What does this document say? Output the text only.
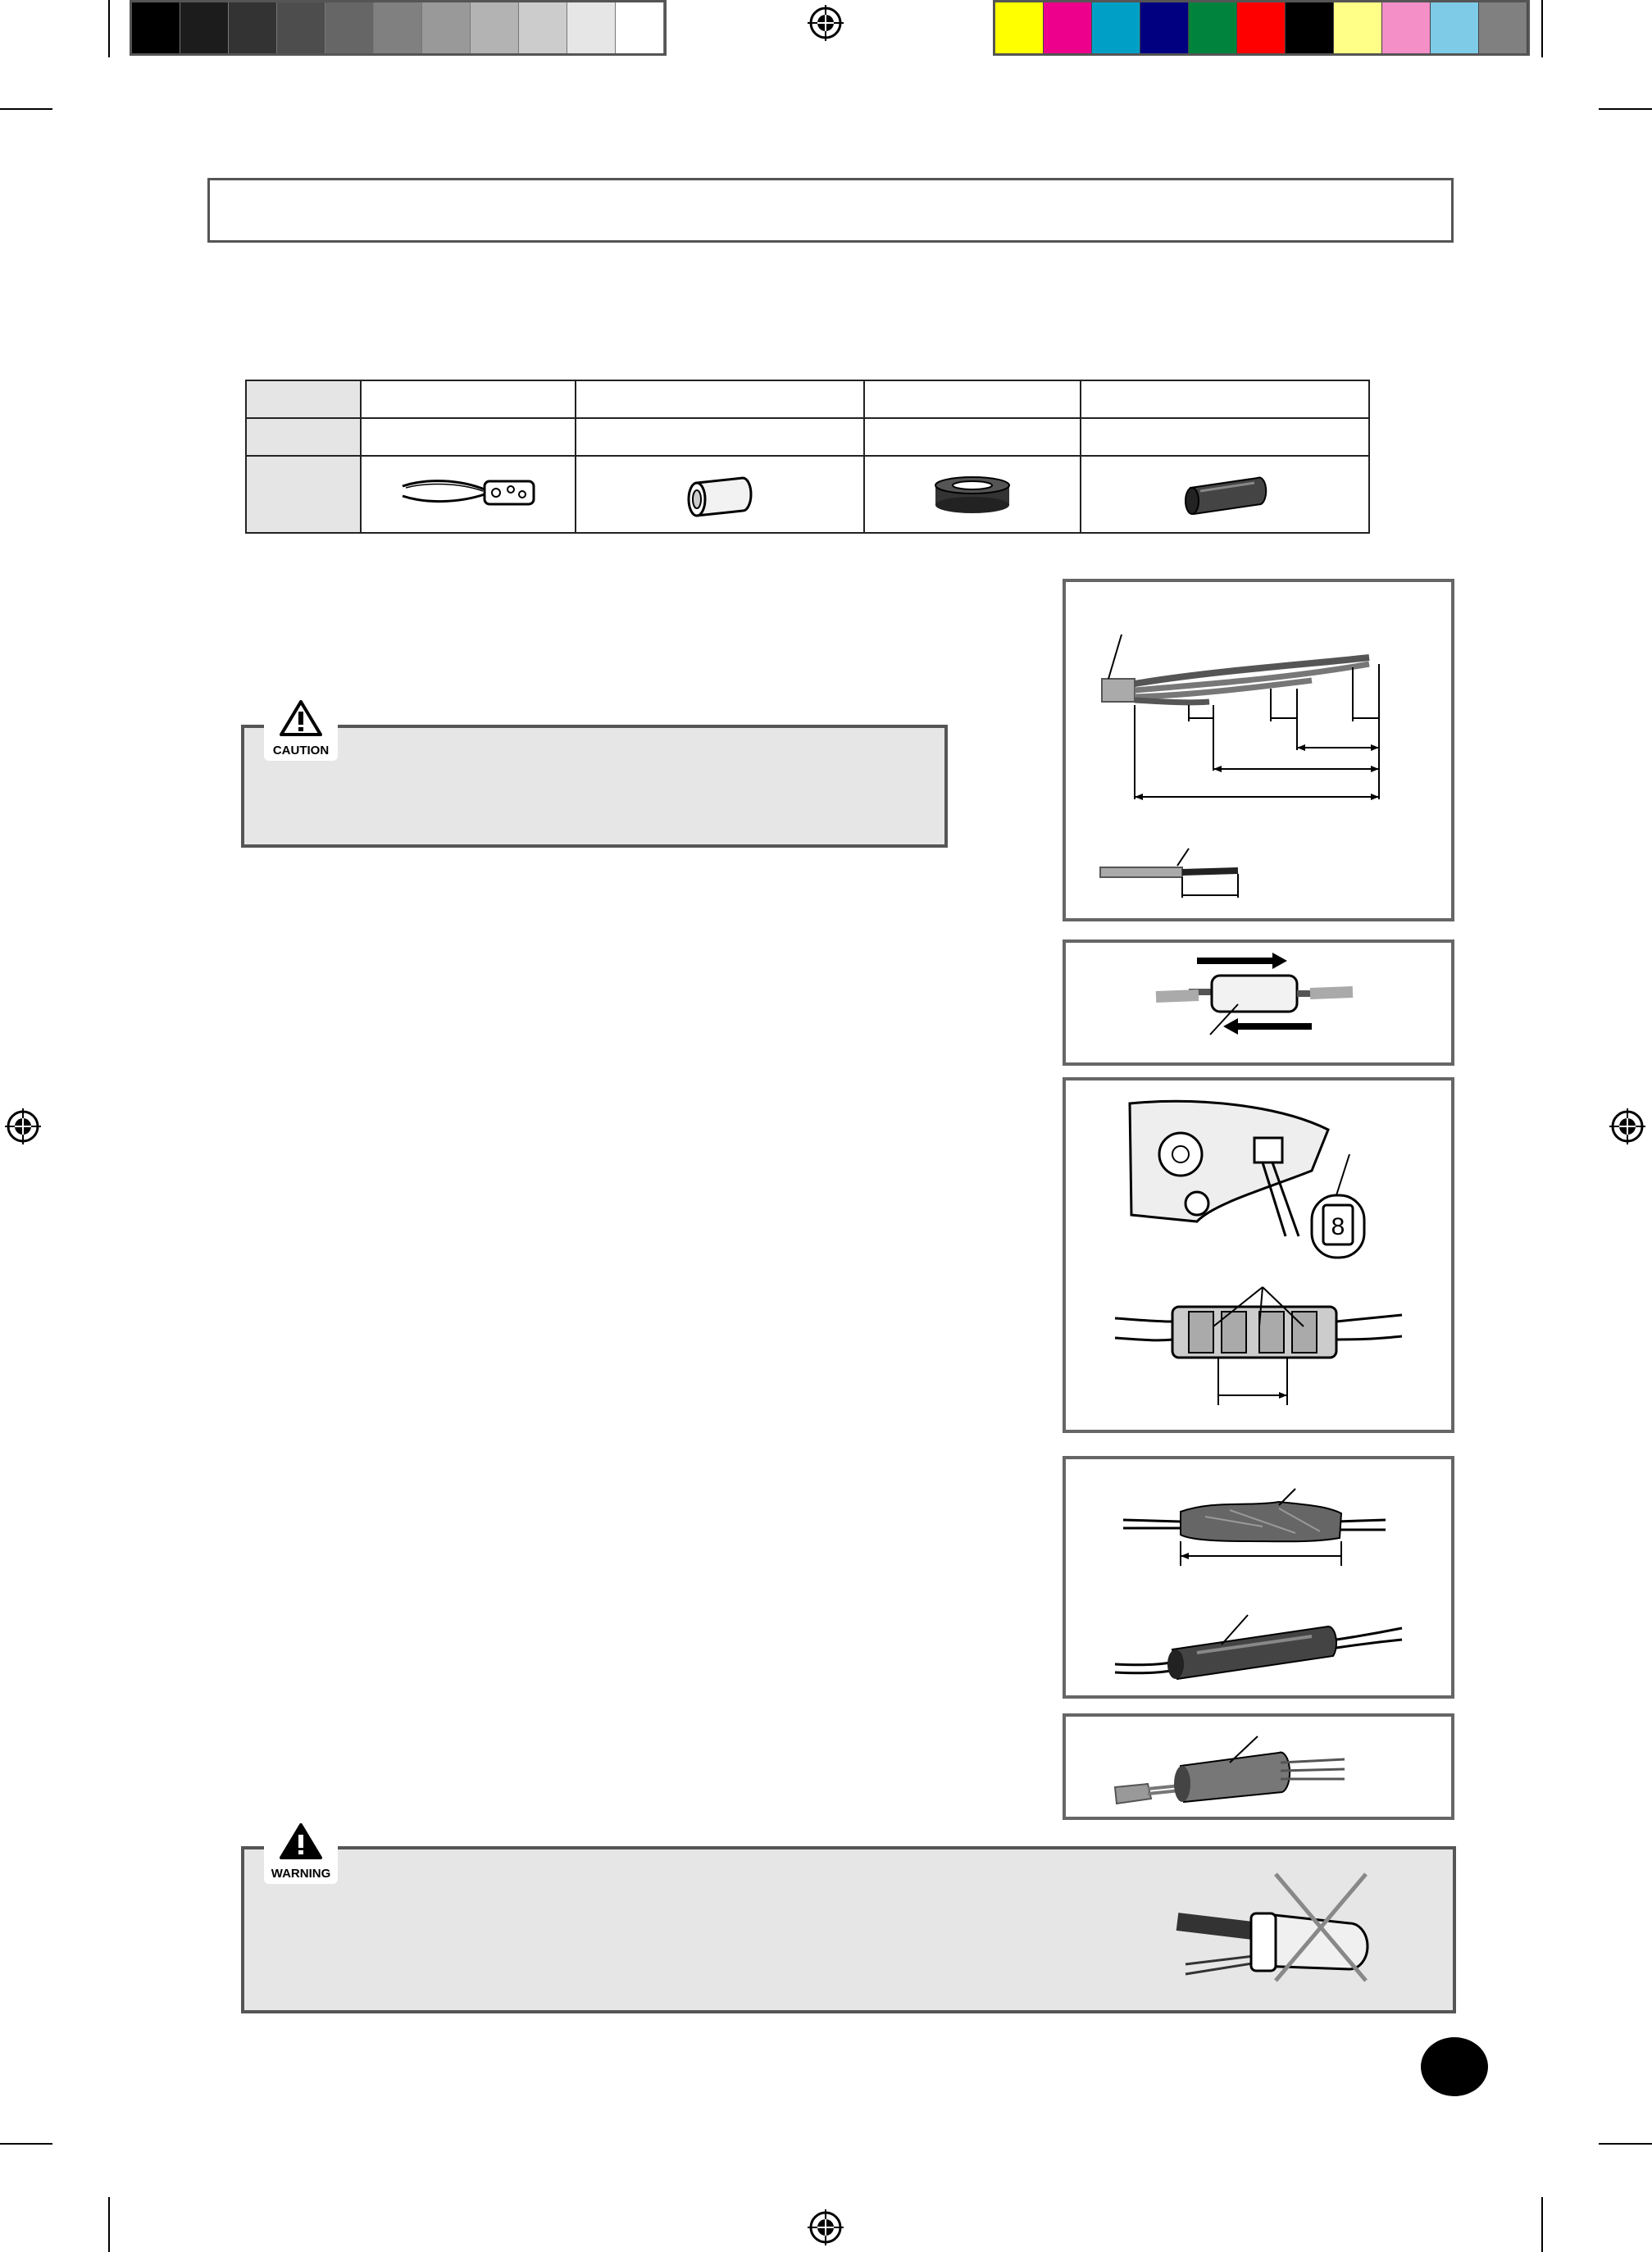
CAUTION
8
WARNING
